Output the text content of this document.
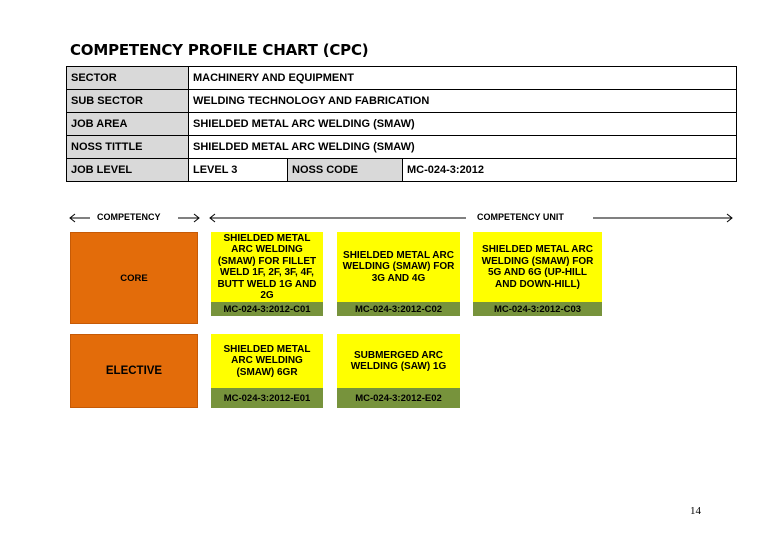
COMPETENCY PROFILE CHART (CPC)
SECTOR	MACHINERY AND EQUIPMENT		
SUB SECTOR	WELDING TECHNOLOGY AND FABRICATION		
JOB AREA	SHIELDED METAL ARC WELDING (SMAW)		
NOSS TITTLE	SHIELDED METAL ARC WELDING (SMAW)		
JOB LEVEL	LEVEL 3	NOSS CODE	MC-024-3:2012
COMPETENCY	COMPETENCY UNIT
CORE
SHIELDED METAL ARC WELDING (SMAW) FOR FILLET WELD 1F, 2F, 3F, 4F, BUTT WELD 1G AND 2G
MC-024-3:2012-C01
SHIELDED METAL ARC WELDING (SMAW) FOR 3G AND 4G
MC-024-3:2012-C02
SHIELDED METAL ARC WELDING (SMAW) FOR 5G AND 6G (UP-HILL AND DOWN-HILL)
MC-024-3:2012-C03
ELECTIVE
SHIELDED METAL ARC WELDING (SMAW) 6GR
MC-024-3:2012-E01
SUBMERGED ARC WELDING (SAW) 1G
MC-024-3:2012-E02
14
